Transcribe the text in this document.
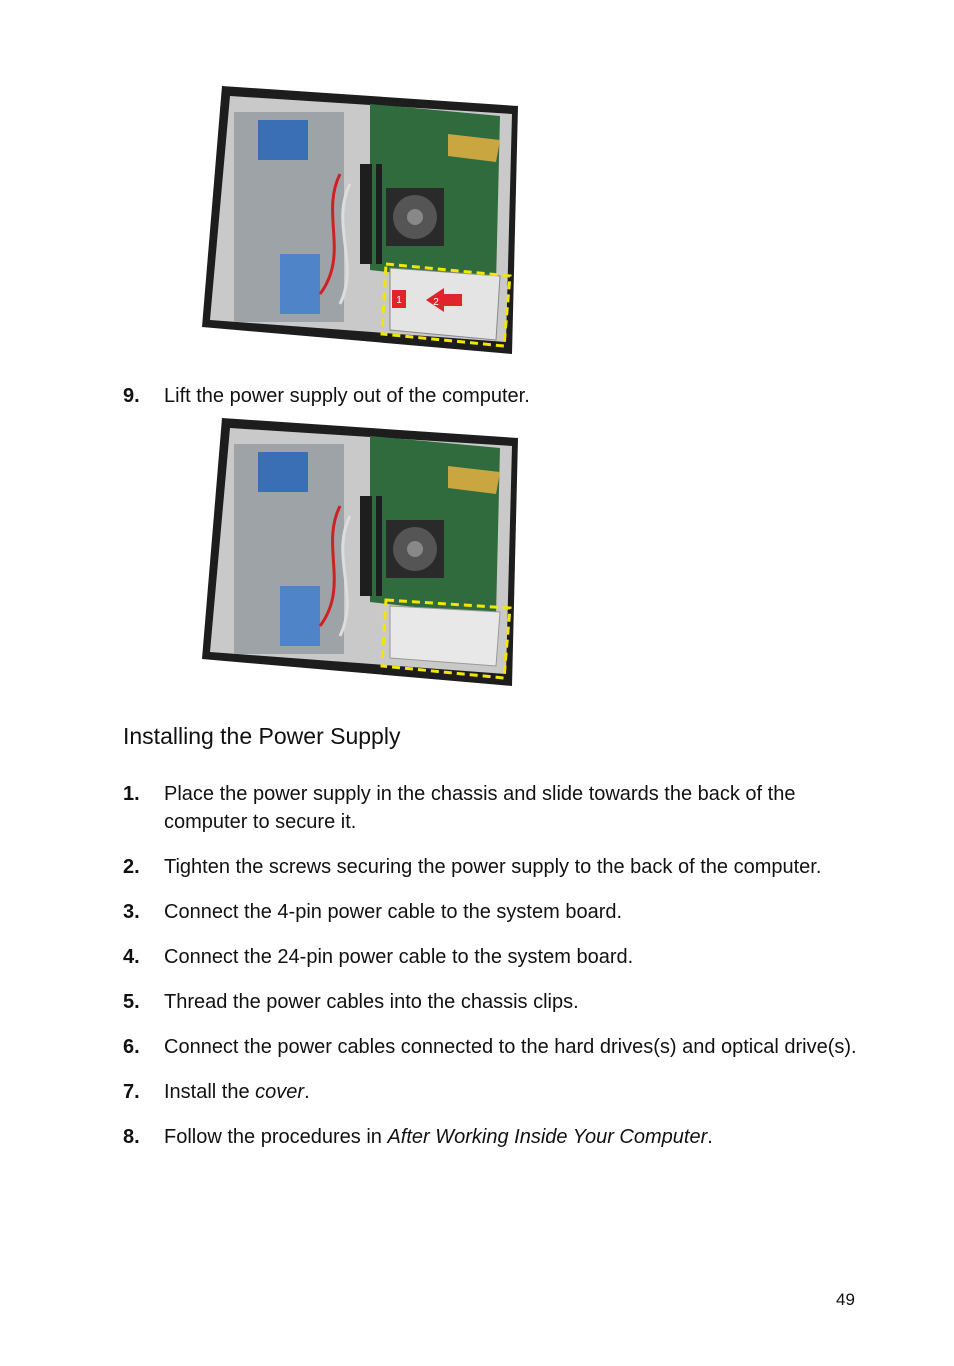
1	2
9.	Lift the power supply out of the computer.
Installing the Power Supply
1.	Place the power supply in the chassis and slide towards the back of the computer to secure it.
2.	Tighten the screws securing the power supply to the back of the computer.
3.	Connect the 4-pin power cable to the system board.
4.	Connect the 24-pin power cable to the system board.
5.	Thread the power cables into the chassis clips.
6.	Connect the power cables connected to the hard drives(s) and optical drive(s).
7.	Install the cover.
8.	Follow the procedures in After Working Inside Your Computer.
49
